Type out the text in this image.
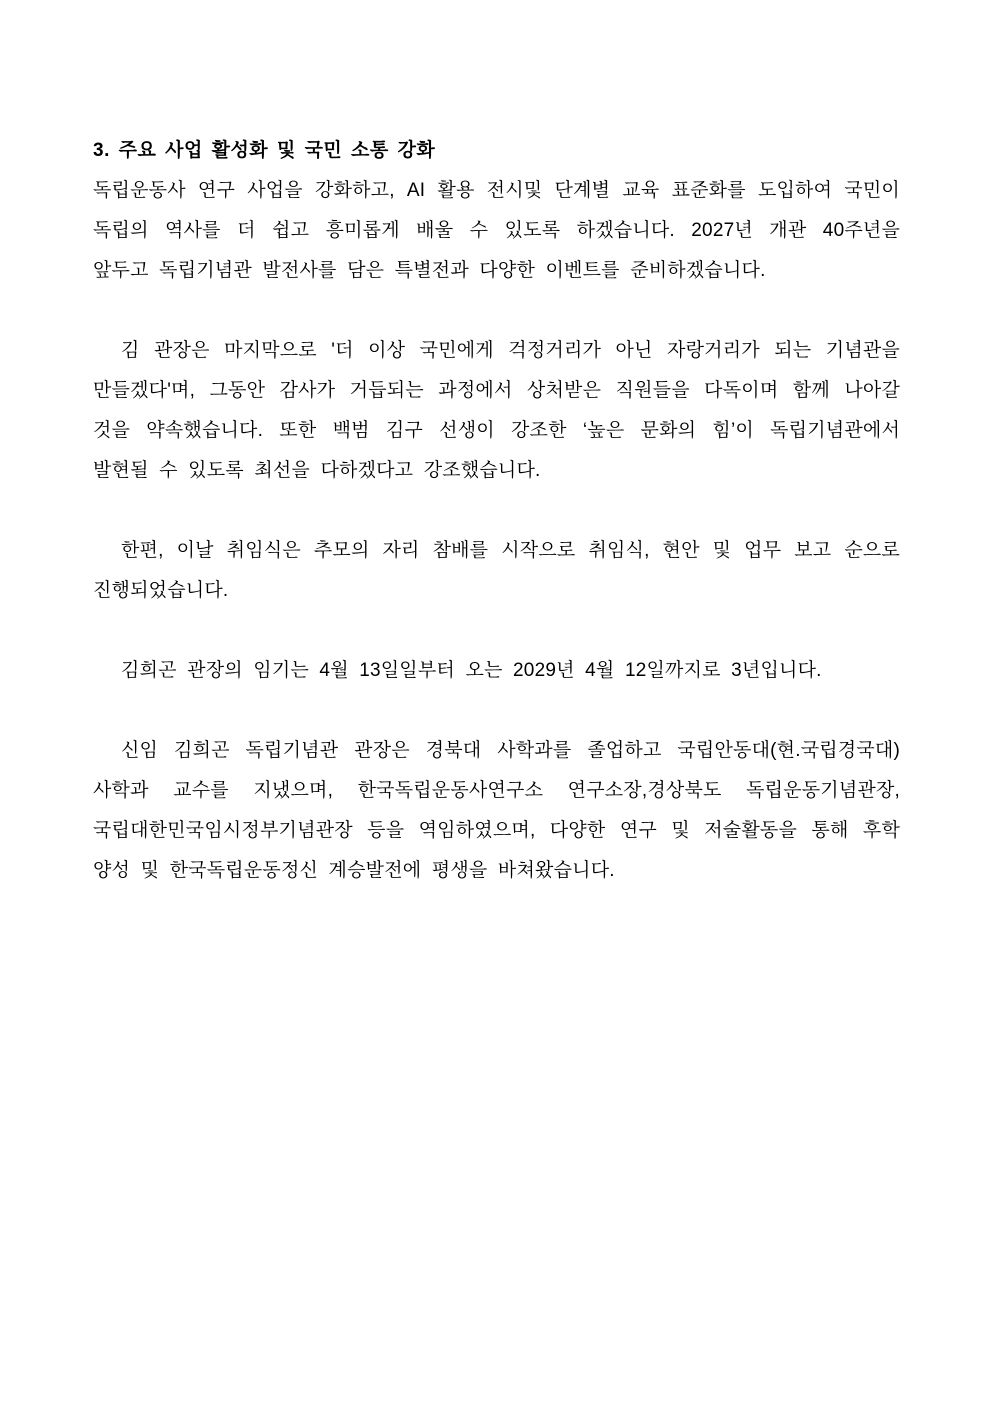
3. 주요 사업 활성화 및 국민 소통 강화

독립운동사 연구 사업을 강화하고, AI 활용 전시및 단계별 교육 표준화를 도입하여 국민이 독립의 역사를 더 쉽고 흥미롭게 배울 수 있도록 하겠습니다. 2027년 개관 40주년을 앞두고 독립기념관 발전사를 담은 특별전과 다양한 이벤트를 준비하겠습니다.

김 관장은 마지막으로 '더 이상 국민에게 걱정거리가 아닌 자랑거리가 되는 기념관을 만들겠다'며, 그동안 감사가 거듭되는 과정에서 상처받은 직원들을 다독이며 함께 나아갈 것을 약속했습니다. 또한 백범 김구 선생이 강조한 ‘높은 문화의 힘’이 독립기념관에서 발현될 수 있도록 최선을 다하겠다고 강조했습니다.

한편, 이날 취임식은 추모의 자리 참배를 시작으로 취임식, 현안 및 업무 보고 순으로 진행되었습니다.

김희곤 관장의 임기는 4월 13일일부터 오는 2029년 4월 12일까지로 3년입니다.

신임 김희곤 독립기념관 관장은 경북대 사학과를 졸업하고 국립안동대(현.국립경국대) 사학과 교수를 지냈으며, 한국독립운동사연구소 연구소장,경상북도 독립운동기념관장, 국립대한민국임시정부기념관장 등을 역임하였으며, 다양한 연구 및 저술활동을 통해 후학 양성 및 한국독립운동정신 계승발전에 평생을 바쳐왔습니다.
